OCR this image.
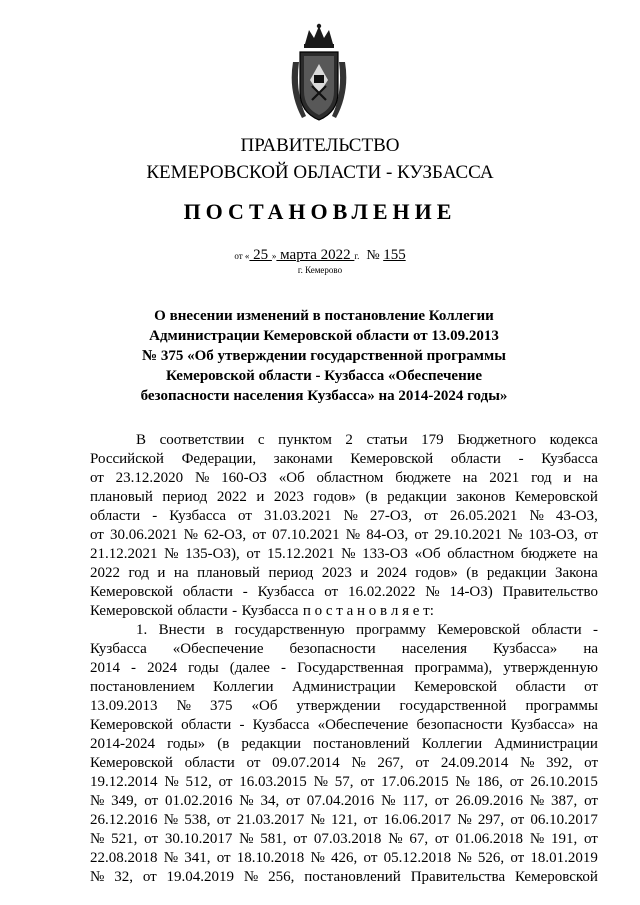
ПРАВИТЕЛЬСТВО
КЕМЕРОВСКОЙ ОБЛАСТИ - КУЗБАССА
ПОСТАНОВЛЕНИЕ
от « 25 » марта 2022 г. № 155
г. Кемерово
О внесении изменений в постановление Коллегии
Администрации Кемеровской области от 13.09.2013
№ 375 «Об утверждении государственной программы
Кемеровской области - Кузбасса «Обеспечение
безопасности населения Кузбасса» на 2014-2024 годы»
В соответствии с пунктом 2 статьи 179 Бюджетного кодекса
Российской Федерации, законами Кемеровской области - Кузбасса
от 23.12.2020 № 160-ОЗ «Об областном бюджете на 2021 год и на
плановый период 2022 и 2023 годов» (в редакции законов Кемеровской
области - Кузбасса от 31.03.2021 № 27-ОЗ, от 26.05.2021 № 43-ОЗ,
от 30.06.2021 № 62-ОЗ, от 07.10.2021 № 84-ОЗ, от 29.10.2021 № 103-ОЗ, от
21.12.2021 № 135-ОЗ), от 15.12.2021 № 133-ОЗ «Об областном бюджете на
2022 год и на плановый период 2023 и 2024 годов» (в редакции Закона
Кемеровской области - Кузбасса от 16.02.2022 № 14-ОЗ) Правительство
Кемеровской области - Кузбасса п о с т а н о в л я е т:
1. Внести в государственную программу Кемеровской области -
Кузбасса «Обеспечение безопасности населения Кузбасса» на
2014 - 2024 годы (далее - Государственная программа), утвержденную
постановлением Коллегии Администрации Кемеровской области от
13.09.2013 № 375 «Об утверждении государственной программы
Кемеровской области - Кузбасса «Обеспечение безопасности Кузбасса» на
2014-2024 годы» (в редакции постановлений Коллегии Администрации
Кемеровской области от 09.07.2014 № 267, от 24.09.2014 № 392, от
19.12.2014 № 512, от 16.03.2015 № 57, от 17.06.2015 № 186, от 26.10.2015
№ 349, от 01.02.2016 № 34, от 07.04.2016 № 117, от 26.09.2016 № 387, от
26.12.2016 № 538, от 21.03.2017 № 121, от 16.06.2017 № 297, от 06.10.2017
№ 521, от 30.10.2017 № 581, от 07.03.2018 № 67, от 01.06.2018 № 191, от
22.08.2018 № 341, от 18.10.2018 № 426, от 05.12.2018 № 526, от 18.01.2019
№ 32, от 19.04.2019 № 256, постановлений Правительства Кемеровской
